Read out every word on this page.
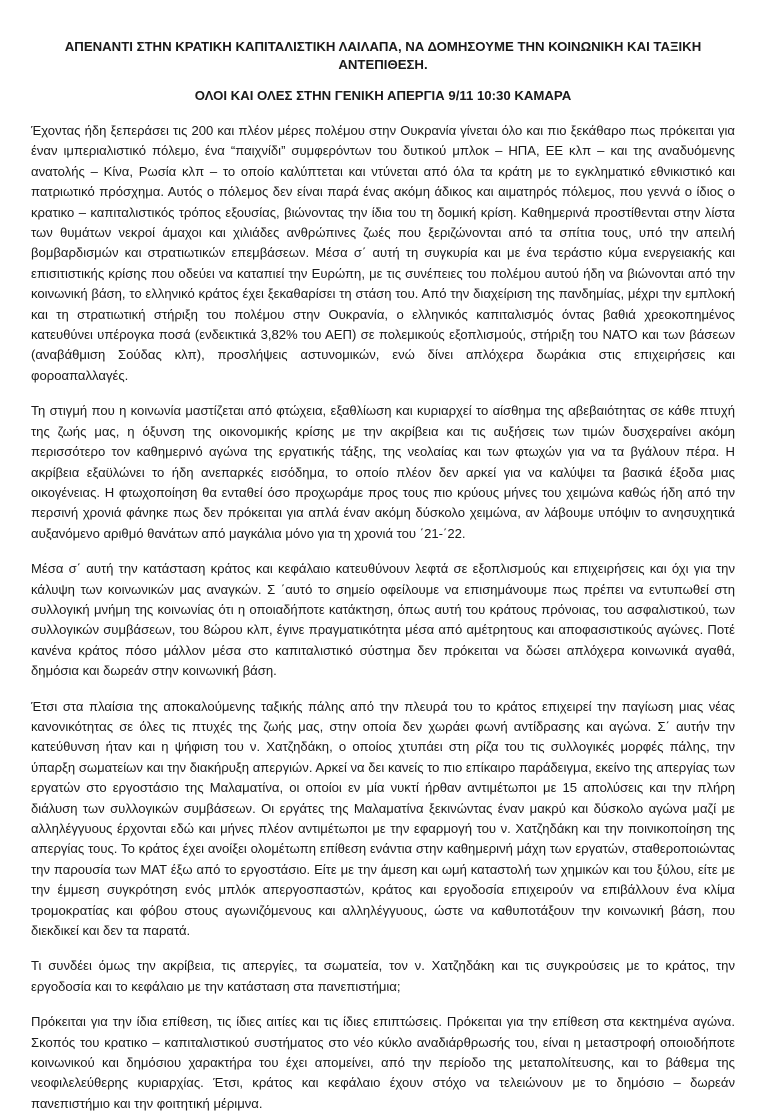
ΑΠΕΝΑΝΤΙ ΣΤΗΝ ΚΡΑΤΙΚΗ ΚΑΠΙΤΑΛΙΣΤΙΚΗ ΛΑΙΛΑΠΑ, ΝΑ ΔΟΜΗΣΟΥΜΕ ΤΗΝ ΚΟΙΝΩΝΙΚΗ ΚΑΙ ΤΑΞΙΚΗ ΑΝΤΕΠΙΘΕΣΗ.
ΟΛΟΙ ΚΑΙ ΟΛΕΣ ΣΤΗΝ ΓΕΝΙΚΗ ΑΠΕΡΓΙΑ 9/11 10:30 ΚΑΜΑΡΑ

Έχοντας ήδη ξεπεράσει τις 200 και πλέον μέρες πολέμου στην Ουκρανία γίνεται όλο και πιο ξεκάθαρο πως πρόκειται για έναν ιμπεριαλιστικό πόλεμο, ένα “παιχνίδι” συμφερόντων του δυτικού μπλοκ – ΗΠΑ, ΕΕ κλπ – και της αναδυόμενης ανατολής – Κίνα, Ρωσία κλπ – το οποίο καλύπτεται και ντύνεται από όλα τα κράτη με το εγκληματικό εθνικιστικό και πατριωτικό πρόσχημα. Αυτός ο πόλεμος δεν είναι παρά ένας ακόμη άδικος και αιματηρός πόλεμος, που γεννά ο ίδιος ο κρατικο – καπιταλιστικός τρόπος εξουσίας, βιώνοντας την ίδια του τη δομική κρίση. Καθημερινά προστίθενται στην λίστα των θυμάτων νεκροί άμαχοι και χιλιάδες ανθρώπινες ζωές που ξεριζώνονται από τα σπίτια τους, υπό την απειλή βομβαρδισμών και στρατιωτικών επεμβάσεων. Μέσα σ΄ αυτή τη συγκυρία και με ένα τεράστιο κύμα ενεργειακής και επισιτιστικής κρίσης που οδεύει να καταπιεί την Ευρώπη, με τις συνέπειες του πολέμου αυτού ήδη να βιώνονται από την κοινωνική βάση, το ελληνικό κράτος έχει ξεκαθαρίσει τη στάση του. Από την διαχείριση της πανδημίας, μέχρι την εμπλοκή και τη στρατιωτική στήριξη του πολέμου στην Ουκρανία, ο ελληνικός καπιταλισμός όντας βαθιά χρεοκοπημένος κατευθύνει υπέρογκα ποσά (ενδεικτικά 3,82% του ΑΕΠ) σε πολεμικούς εξοπλισμούς, στήριξη του ΝΑΤΟ και των βάσεων (αναβάθμιση Σούδας κλπ), προσλήψεις αστυνομικών, ενώ δίνει απλόχερα δωράκια στις επιχειρήσεις και φοροαπαλλαγές.

Τη στιγμή που η κοινωνία μαστίζεται από φτώχεια, εξαθλίωση και κυριαρχεί το αίσθημα της αβεβαιότητας σε κάθε πτυχή της ζωής μας, η όξυνση της οικονομικής κρίσης με την ακρίβεια και τις αυξήσεις των τιμών δυσχεραίνει ακόμη περισσότερο τον καθημερινό αγώνα της εργατικής τάξης, της νεολαίας και των φτωχών για να τα βγάλουν πέρα. Η ακρίβεια εξαϋλώνει το ήδη ανεπαρκές εισόδημα, το οποίο πλέον δεν αρκεί για να καλύψει τα βασικά έξοδα μιας οικογένειας. Η φτωχοποίηση θα ενταθεί όσο προχωράμε προς τους πιο κρύους μήνες του χειμώνα καθώς ήδη από την περσινή χρονιά φάνηκε πως δεν πρόκειται για απλά έναν ακόμη δύσκολο χειμώνα, αν λάβουμε υπόψιν το ανησυχητικά αυξανόμενο αριθμό θανάτων από μαγκάλια μόνο για τη χρονιά του ΄21-΄22.

Μέσα σ΄ αυτή την κατάσταση κράτος και κεφάλαιο κατευθύνουν λεφτά σε εξοπλισμούς και επιχειρήσεις και όχι για την κάλυψη των κοινωνικών μας αναγκών. Σ ΄αυτό το σημείο οφείλουμε να επισημάνουμε πως πρέπει να εντυπωθεί στη συλλογική μνήμη της κοινωνίας ότι η οποιαδήποτε κατάκτηση, όπως αυτή του κράτους πρόνοιας, του ασφαλιστικού, των συλλογικών συμβάσεων, του 8ώρου κλπ, έγινε πραγματικότητα μέσα από αμέτρητους και αποφασιστικούς αγώνες. Ποτέ κανένα κράτος πόσο μάλλον μέσα στο καπιταλιστικό σύστημα δεν πρόκειται να δώσει απλόχερα κοινωνικά αγαθά, δημόσια και δωρεάν στην κοινωνική βάση.

Έτσι στα πλαίσια της αποκαλούμενης ταξικής πάλης από την πλευρά του το κράτος επιχειρεί την παγίωση μιας νέας κανονικότητας σε όλες τις πτυχές της ζωής μας, στην οποία δεν χωράει φωνή αντίδρασης και αγώνα. Σ΄ αυτήν την κατεύθυνση ήταν και η ψήφιση του ν. Χατζηδάκη, ο οποίος χτυπάει στη ρίζα του τις συλλογικές μορφές πάλης, την ύπαρξη σωματείων και την διακήρυξη απεργιών. Αρκεί να δει κανείς το πιο επίκαιρο παράδειγμα, εκείνο της απεργίας των εργατών στο εργοστάσιο της Μαλαματίνα, οι οποίοι εν μία νυκτί ήρθαν αντιμέτωποι με 15 απολύσεις και την πλήρη διάλυση των συλλογικών συμβάσεων. Οι εργάτες της Μαλαματίνα ξεκινώντας έναν μακρύ και δύσκολο αγώνα μαζί με αλληλέγγυους έρχονται εδώ και μήνες πλέον αντιμέτωποι με την εφαρμογή του ν. Χατζηδάκη και την ποινικοποίηση της απεργίας τους. Το κράτος έχει ανοίξει ολομέτωπη επίθεση ενάντια στην καθημερινή μάχη των εργατών, σταθεροποιώντας την παρουσία των ΜΑΤ έξω από το εργοστάσιο. Είτε με την άμεση και ωμή καταστολή των χημικών και του ξύλου, είτε με την έμμεση συγκρότηση ενός μπλόκ απεργοσπαστών, κράτος και εργοδοσία επιχειρούν να επιβάλλουν ένα κλίμα τρομοκρατίας και φόβου στους αγωνιζόμενους και αλληλέγγυους, ώστε να καθυποτάξουν την κοινωνική βάση, που διεκδικεί και δεν τα παρατά.

Τι συνδέει όμως την ακρίβεια, τις απεργίες, τα σωματεία, τον ν. Χατζηδάκη και τις συγκρούσεις με το κράτος, την εργοδοσία και το κεφάλαιο με την κατάσταση στα πανεπιστήμια;

Πρόκειται για την ίδια επίθεση, τις ίδιες αιτίες και τις ίδιες επιπτώσεις. Πρόκειται για την επίθεση στα κεκτημένα αγώνα. Σκοπός του κρατικο – καπιταλιστικού συστήματος στο νέο κύκλο αναδιάρθρωσής του, είναι η μεταστροφή οποιοδήποτε κοινωνικού και δημόσιου χαρακτήρα του έχει απομείνει, από την περίοδο της μεταπολίτευσης, και το βάθεμα της νεοφιλελεύθερης κυριαρχίας. Έτσι, κράτος και κεφάλαιο έχουν στόχο να τελειώνουν με το δημόσιο – δωρεάν πανεπιστήμιο και την φοιτητική μέριμνα.
